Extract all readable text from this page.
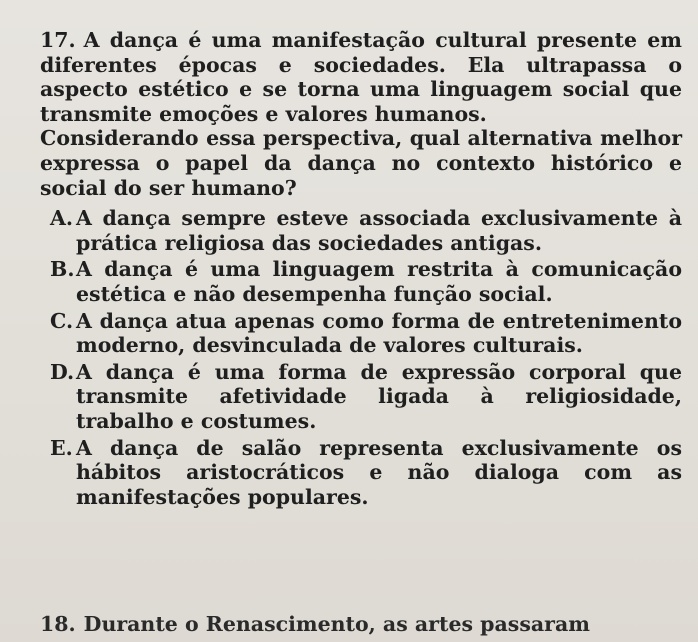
17. A dança é uma manifestação cultural presente em diferentes épocas e sociedades. Ela ultrapassa o aspecto estético e se torna uma linguagem social que transmite emoções e valores humanos.

Considerando essa perspectiva, qual alternativa melhor expressa o papel da dança no contexto histórico e social do ser humano?

A. A dança sempre esteve associada exclusivamente à prática religiosa das sociedades antigas.
B. A dança é uma linguagem restrita à comunicação estética e não desempenha função social.
C. A dança atua apenas como forma de entretenimento moderno, desvinculada de valores culturais.
D. A dança é uma forma de expressão corporal que transmite afetividade ligada à religiosidade, trabalho e costumes.
E. A dança de salão representa exclusivamente os hábitos aristocráticos e não dialoga com as manifestações populares.
18. Durante o Renascimento, as artes passaram
